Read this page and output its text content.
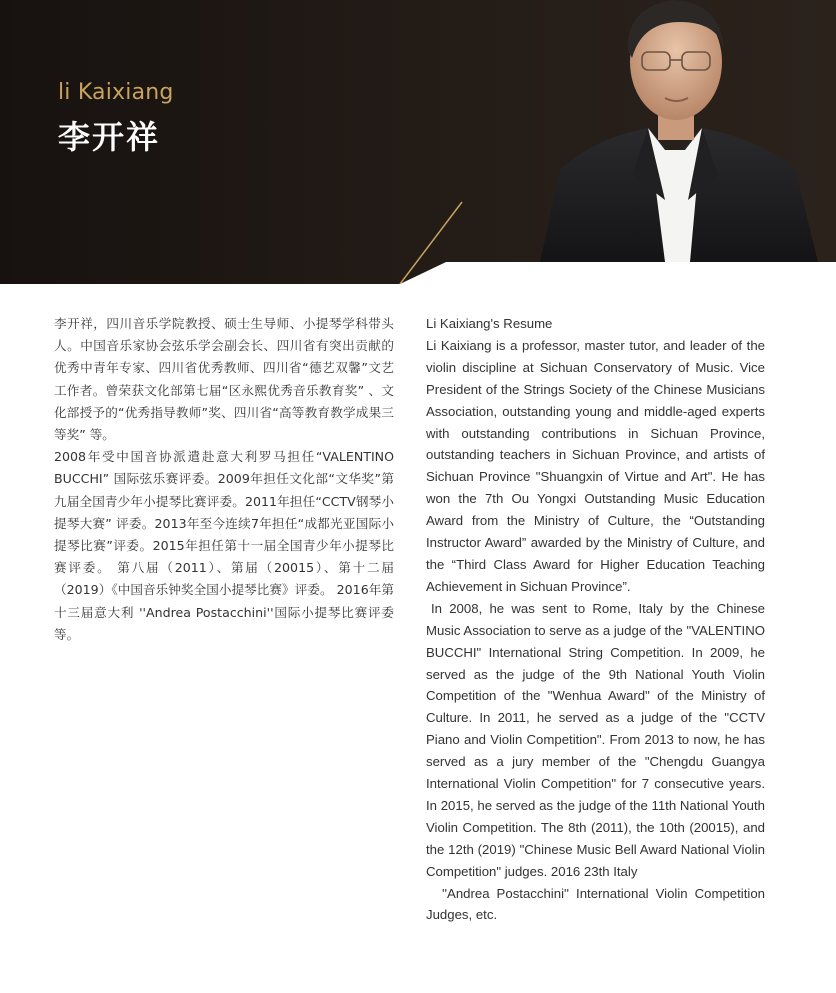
li Kaixiang
李开祥

李开祥，四川音乐学院教授、硕士生导师、小提琴学科带头人。中国音乐家协会弦乐学会副会长、四川省有突出贡献的优秀中青年专家、四川省优秀教师、四川省“德艺双馨”文艺工作者。曾荣获文化部第七届“区永熙优秀音乐教育奖” 、文化部授予的“优秀指导教师”奖、四川省“高等教育教学成果三等奖” 等。

2008年受中国音协派遣赴意大利罗马担任“VALENTINO BUCCHI” 国际弦乐赛评委。2009年担任文化部“文华奖”第九届全国青少年小提琴比赛评委。2011年担任“CCTV钢琴小提琴大赛” 评委。2013年至今连续7年担任“成都光亚国际小提琴比赛”评委。2015年担任第十一届全国青少年小提琴比赛评委。 第八届（2011）、第届（20015）、第十二届（2019）《中国音乐钟奖全国小提琴比赛》评委。 2016年第十三届意大利 ''Andrea Postacchini''国际小提琴比赛评委等。

Li Kaixiang's Resume

Li Kaixiang is a professor, master tutor, and leader of the violin discipline at Sichuan Conservatory of Music. Vice President of the Strings Society of the Chinese Musicians Association, outstanding young and middle-aged experts with outstanding contributions in Sichuan Province, outstanding teachers in Sichuan Province, and artists of Sichuan Province "Shuangxin of Virtue and Art". He has won the 7th Ou Yongxi Outstanding Music Education Award from the Ministry of Culture, the “Outstanding Instructor Award” awarded by the Ministry of Culture, and the “Third Class Award for Higher Education Teaching Achievement in Sichuan Province”.

In 2008, he was sent to Rome, Italy by the Chinese Music Association to serve as a judge of the "VALENTINO BUCCHI" International String Competition. In 2009, he served as the judge of the 9th National Youth Violin Competition of the "Wenhua Award" of the Ministry of Culture. In 2011, he served as a judge of the "CCTV Piano and Violin Competition". From 2013 to now, he has served as a jury member of the "Chengdu Guangya International Violin Competition" for 7 consecutive years. In 2015, he served as the judge of the 11th National Youth Violin Competition. The 8th (2011), the 10th (20015), and the 12th (2019) "Chinese Music Bell Award National Violin Competition" judges. 2016 23th Italy

''Andrea Postacchini'' International Violin Competition Judges, etc.
